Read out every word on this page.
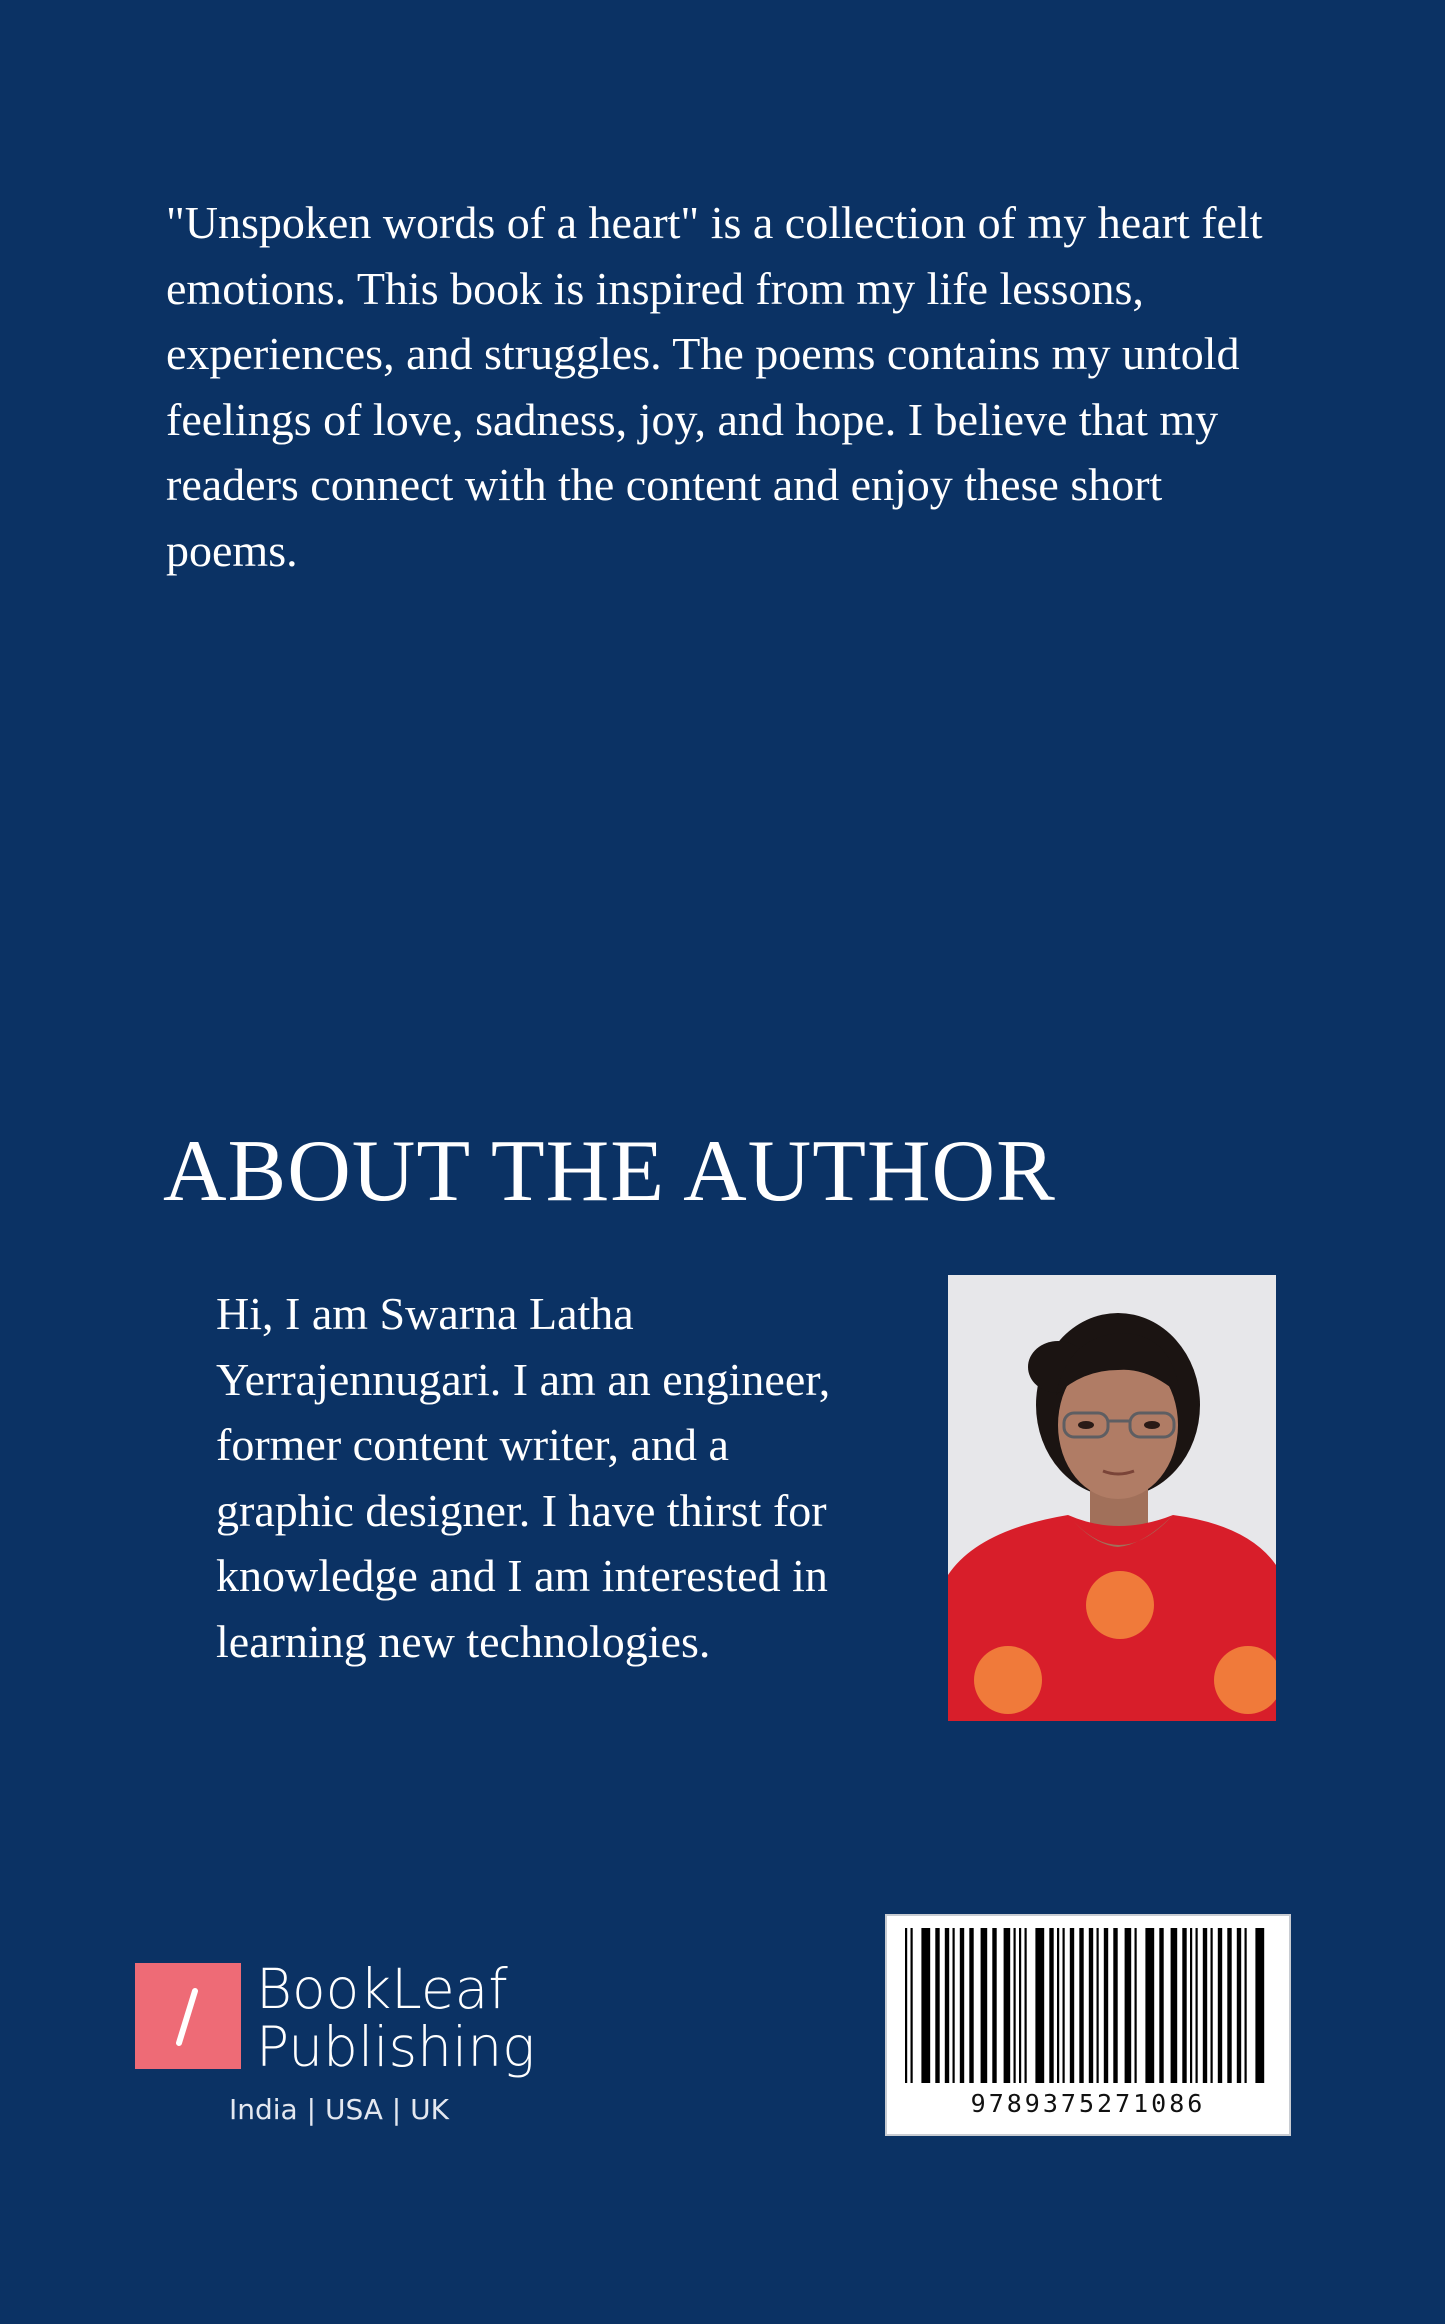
"Unspoken words of a heart" is a collection of my heart felt emotions. This book is inspired from my life lessons, experiences, and struggles. The poems contains my untold feelings of love, sadness, joy, and hope. I believe that my readers connect with the content and enjoy these short poems.

ABOUT THE AUTHOR

Hi, I am Swarna Latha Yerrajennugari. I am an engineer, former content writer, and a graphic designer. I have thirst for knowledge and I am interested in learning new technologies.

BookLeaf
Publishing
India | USA | UK	9789375271086
